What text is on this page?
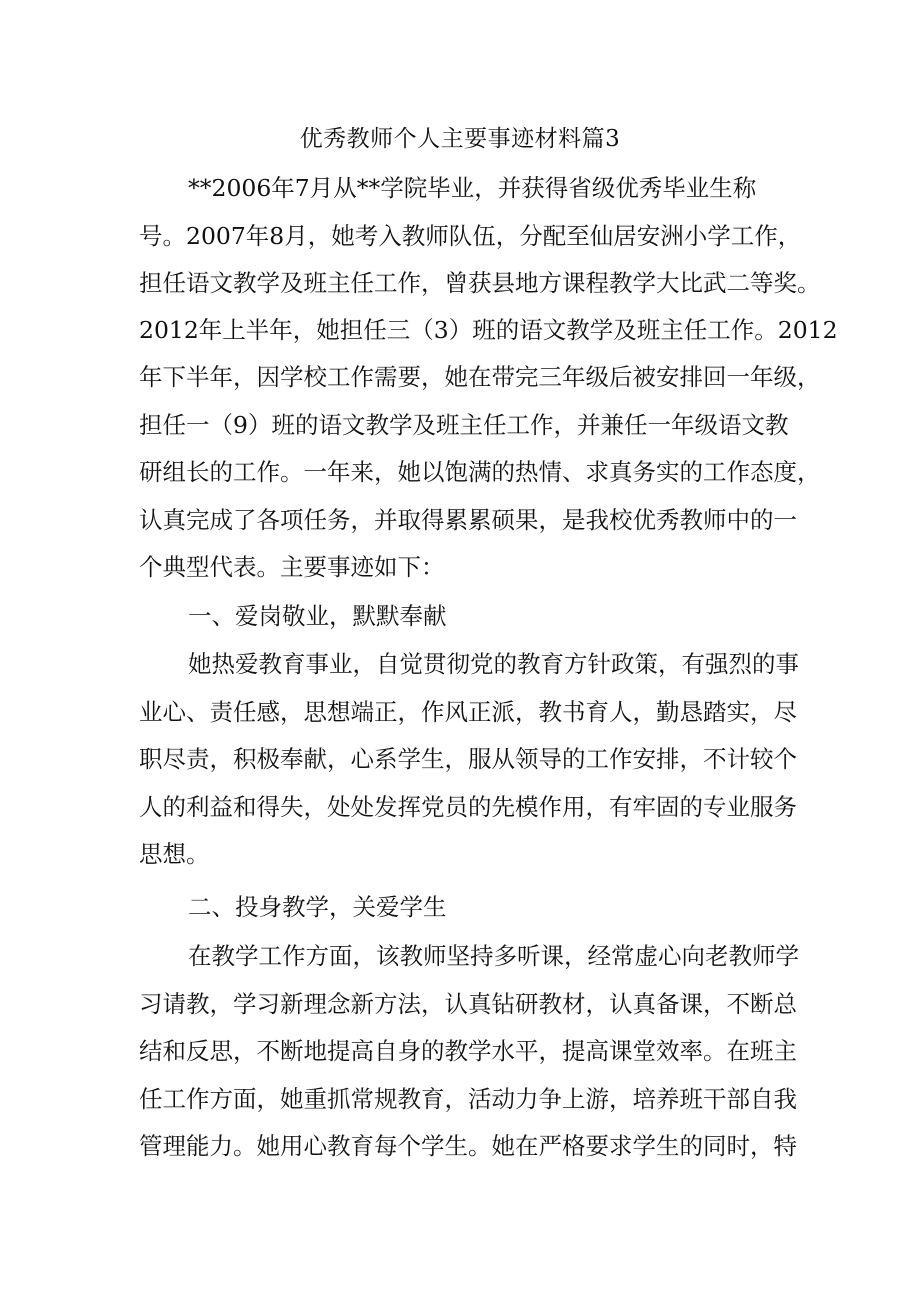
优秀教师个人主要事迹材料篇3
**2006年7月从**学院毕业，并获得省级优秀毕业生称
号。2007年8月，她考入教师队伍，分配至仙居安洲小学工作，
担任语文教学及班主任工作，曾获县地方课程教学大比武二等奖。
2012年上半年，她担任三（3）班的语文教学及班主任工作。2012
年下半年，因学校工作需要，她在带完三年级后被安排回一年级，
担任一（9）班的语文教学及班主任工作，并兼任一年级语文教
研组长的工作。一年来，她以饱满的热情、求真务实的工作态度，
认真完成了各项任务，并取得累累硕果，是我校优秀教师中的一
个典型代表。主要事迹如下：
一、爱岗敬业，默默奉献
她热爱教育事业，自觉贯彻党的教育方针政策，有强烈的事
业心、责任感，思想端正，作风正派，教书育人，勤恳踏实，尽
职尽责，积极奉献，心系学生，服从领导的工作安排，不计较个
人的利益和得失，处处发挥党员的先模作用，有牢固的专业服务
思想。
二、投身教学，关爱学生
在教学工作方面，该教师坚持多听课，经常虚心向老教师学
习请教，学习新理念新方法，认真钻研教材，认真备课，不断总
结和反思，不断地提高自身的教学水平，提高课堂效率。在班主
任工作方面，她重抓常规教育，活动力争上游，培养班干部自我
管理能力。她用心教育每个学生。她在严格要求学生的同时，特
